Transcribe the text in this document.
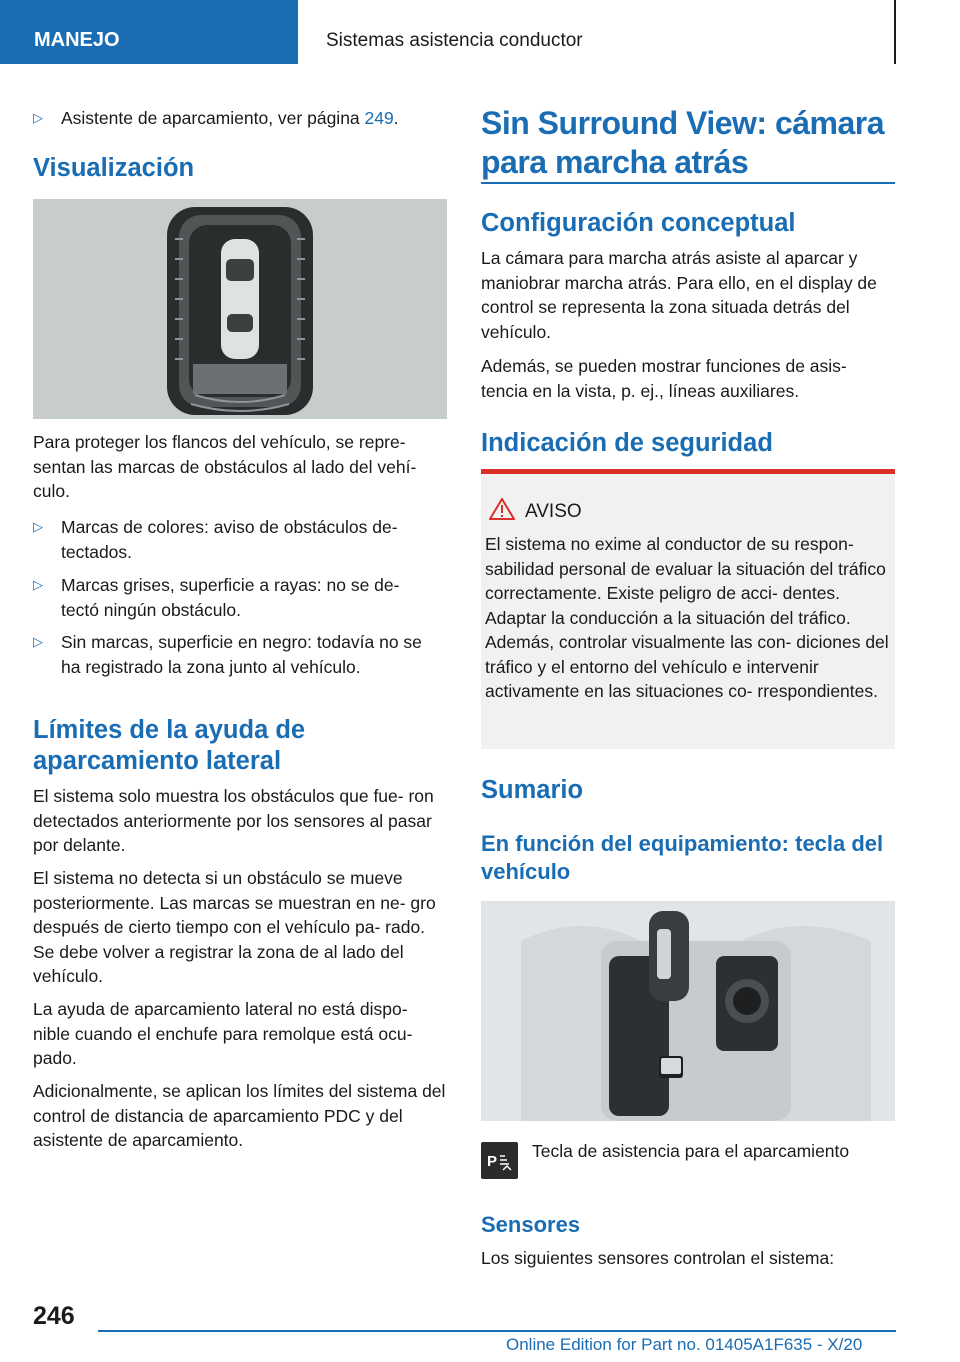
MANEJO	Sistemas asistencia conductor
▷ Asistente de aparcamiento, ver página 249.
Visualización

Para proteger los flancos del vehículo, se repre‐ sentan las marcas de obstáculos al lado del vehí‐ culo.

▷ Marcas de colores: aviso de obstáculos de‐ tectados.
▷ Marcas grises, superficie a rayas: no se de‐ tectó ningún obstáculo.
▷ Sin marcas, superficie en negro: todavía no se ha registrado la zona junto al vehículo.
Límites de la ayuda de aparcamiento lateral

El sistema solo muestra los obstáculos que fue‐ ron detectados anteriormente por los sensores al pasar por delante.

El sistema no detecta si un obstáculo se mueve posteriormente. Las marcas se muestran en ne‐ gro después de cierto tiempo con el vehículo pa‐ rado. Se debe volver a registrar la zona de al lado del vehículo.

La ayuda de aparcamiento lateral no está dispo‐ nible cuando el enchufe para remolque está ocu‐ pado.

Adicionalmente, se aplican los límites del sistema del control de distancia de aparcamiento PDC y del asistente de aparcamiento.

Sin Surround View: cámara para marcha atrás
Configuración conceptual

La cámara para marcha atrás asiste al aparcar y maniobrar marcha atrás. Para ello, en el display de control se representa la zona situada detrás del vehículo.

Además, se pueden mostrar funciones de asis‐ tencia en la vista, p. ej., líneas auxiliares.

Indicación de seguridad
AVISO

El sistema no exime al conductor de su respon‐ sabilidad personal de evaluar la situación del tráfico correctamente. Existe peligro de acci‐ dentes. Adaptar la conducción a la situación del tráfico. Además, controlar visualmente las con‐ diciones del tráfico y el entorno del vehículo e intervenir activamente en las situaciones co‐ rrespondientes.

Sumario
En función del equipamiento: tecla del vehículo
P

Tecla de asistencia para el aparcamiento

Sensores

Los siguientes sensores controlan el sistema:

246
Online Edition for Part no. 01405A1F635 - X/20
